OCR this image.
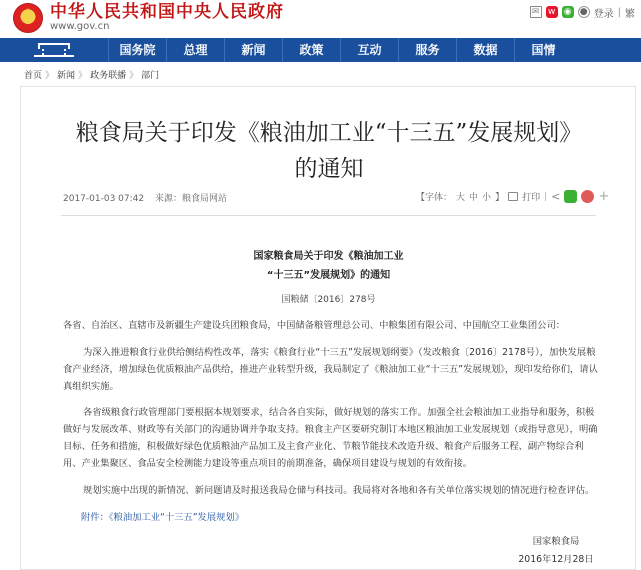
★	中华人民共和国中央人民政府
www.gov.cn
✉ w ◉ ● 登录 | 繁
国务院	总理	新闻	政策	互动	服务	数据	国情
首页 》 新闻 》 政务联播 》 部门
粮食局关于印发《粮油加工业“十三五”发展规划》
的通知
2017-01-03 07:42 来源：粮食局网站	【字体： 大 中 小 】 打印 | <	+
国家粮食局关于印发《粮油加工业
“十三五”发展规划》的通知
国粮储〔2016〕278号
各省、自治区、直辖市及新疆生产建设兵团粮食局，中国储备粮管理总公司、中粮集团有限公司、中国航空工业集团公司：
为深入推进粮食行业供给侧结构性改革，落实《粮食行业“十三五”发展规划纲要》（发改粮食〔2016〕2178号），加快发展粮食产业经济，增加绿色优质粮油产品供给，推进产业转型升级，我局制定了《粮油加工业“十三五”发展规划》，现印发给你们，请认真组织实施。
各省级粮食行政管理部门要根据本规划要求，结合各自实际，做好规划的落实工作。加强全社会粮油加工业指导和服务，积极做好与发展改革、财政等有关部门的沟通协调并争取支持。粮食主产区要研究制订本地区粮油加工业发展规划（或指导意见），明确目标、任务和措施，积极做好绿色优质粮油产品加工及主食产业化、节粮节能技术改造升级、粮食产后服务工程、副产物综合利用、产业集聚区、食品安全检测能力建设等重点项目的前期准备，确保项目建设与规划的有效衔接。
规划实施中出现的新情况、新问题请及时报送我局仓储与科技司。我局将对各地和各有关单位落实规划的情况进行检查评估。
附件：《粮油加工业“十三五”发展规划》
国家粮食局
2016年12月28日
